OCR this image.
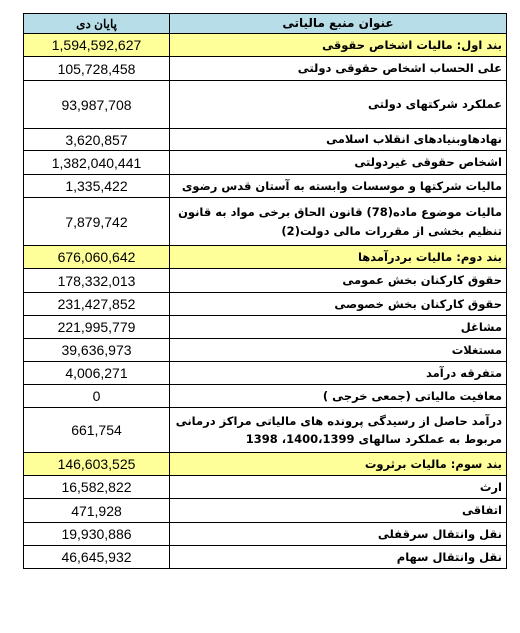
پایان دی	عنوان منبع مالیاتی
1,594,592,627	بند اول: مالیات اشخاص حقوقی
105,728,458	علی الحساب اشخاص حقوقی دولتی
93,987,708	عملکرد شرکتهای دولتی
3,620,857	نهادهاوبنیادهای انقلاب اسلامی
1,382,040,441	اشخاص حقوقی غیردولتی
1,335,422	مالیات شرکتها و موسسات وابسته به آستان قدس رضوی
7,879,742	مالیات موضوع ماده(78) قانون الحاق برخی مواد به قانون تنظیم بخشی از مقررات مالی دولت(2)
676,060,642	بند دوم: مالیات بردرآمدها
178,332,013	حقوق کارکنان بخش عمومی
231,427,852	حقوق کارکنان بخش خصوصی
221,995,779	مشاغل
39,636,973	مستغلات
4,006,271	متفرقه درآمد
0	معافیت مالیاتی (جمعی خرجی )
661,754	درآمد حاصل از رسیدگی پرونده های مالیاتی مراکز درمانی مربوط به عملکرد سالهای 1400،1399، 1398
146,603,525	بند سوم: مالیات برثروت
16,582,822	ارث
471,928	اتفاقی
19,930,886	نقل وانتقال سرقفلی
46,645,932	نقل وانتقال سهام
